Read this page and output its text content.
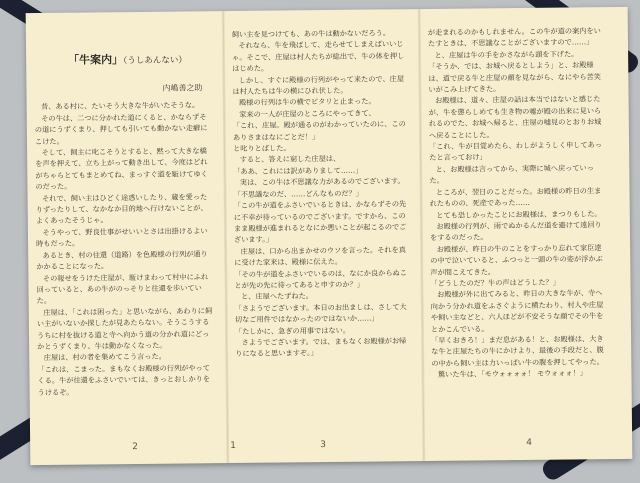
「牛案内」（うしあんない）
内嶋善之助

昔、ある村に、たいそう大きな牛がいたそうな。

その牛は、二つに分かれた道にくると、かならずその道にうずくまり、押しても引いても動かない走癖にこけた。

そして、飼主に叱こそうとすると、黙って大きな橋を声を押えて、立ち上がって動き出して、今度はどれがちゃらとてもまとめてね、まっすぐ道を駈けてゆくのだった。

それで、飼い主はひどく途惑いしたり、蔵を愛ったりずったりして、なかなか目的地へ行けないことが、よくあったそうじゃ。

そうやって、野良仕事がせいいとさは出掛けるよい時もだった。

あるとき、村の往還（道路）を色殿様の行列が通りかかることになった。

その報せをうけた庄屋が、駈けまわって村中にふれ回っていると、あの牛がのっそりと往還を歩いていた。

庄屋は、「これは困った」と思いながら、あわりに飼い主がいないか探したが見あたらない。そうこうするうちに村を抜ける道と寺へ向かう道の分かれ道にどっかとうずくまり、牛は動かなくなった。

庄屋は、村の者を集めてこう言った。

「これは、こまった。まもなくお殿様の行列がやってくる。牛が往還をふさいでいては、きっとおしかりをうけるぞ。

飼い主を見つけても、あの牛は動かないだろう。

それなら、牛を飛ばして、走らせてしまえばいいじゃ。そこで、庄屋は村人たちが総出で、牛の体を押しはじめた。

しかし、すぐに殿様の行列がやって来たので、庄屋は村人たちは牛の横にひれ伏した。

殿様の行列は牛の横でピタリと止まった。

家来の一人が庄屋のところにやってきて、

「これ、庄屋。殿が通るのがわかっていたのに、このありさまはなにごとだ！」

と叱りとばした。

すると、答えに窮した庄屋は、

「ああ、これには訳がありまして……」

実は、この牛は不思議な力があるのでございます。

「不思議なのだ、……どんなものだ？」

「この牛が道をふさいでいるときは、かならずその先に不幸が待っているのでございます。ですから、このまま殿様が進まれるとなにか悪いことが起こるのでございます。」

庄屋は、口から出まかせのウソを言った。それを真に受けた家来は、殿様に伝えた。

「その牛が道をふさいでいるのは、なにか良からぬことが先の先に待ってあると申すのか？」

と、庄屋へたずねた。

「さようでございます。本日のお出ましは、さして大切なご用件ではなかったのではないか……」

「たしかに、急ぎの用事ではない。

さようでございます。では、まもなくお殿様がお帰りになると思いますぞ。」

が走まれるのかもしれません。この牛が道の案内をいたすときは、不思議なことがございますので……」

と、庄屋は牛の手をかさながら頭を下げた。

「そうか、では、お城へ戻るとしよう」と、お殿様は、道で戻る牛と庄屋の顔を見ながら、なにやら苦笑いがこみ上げてきた。

お殿様は、道々、庄屋の話は本当ではないと感じたが、牛を懲らしめても生き物の嘘が殿の出来に見いられるのでた、お城へ帰ると、庄屋の嘘見のとおりお城へ戻ることにした。

「これ、牛が目覚めたら、わしがようしく申してあったと言っておけ」

と、お殿様は言ってから、実際に城へ戻っていった。

ところが、翌日のことだった。お殿様の昨日の生まれたものの、死産であった……

とても恐しかったことにお殿様は、まつりもした。

お殿様の行列が、雨でぬかるんだ道を避けて遠回りをするのだった。

お殿様が、昨日の牛のことをすっかり忘れて家臣達の中で泣いていると、ふつっと一頭の牛の姿が浮かぶ声が間こえてきた。

「どうしたのだ？牛の声はどうした？」

お殿様が外に出てみると、昨日の大きな牛が、寺へ向かう分かれ道をふさぐように横たわり、村人や庄屋や飼い主などと、六人ほどが不安そうな顔でその牛をとかこんでいる。

「早くおきろ！」まだ息がある！と、お殿様は、大きな牛と庄屋たちの牛にかけより、最後の手段だと、腹の中から飼い主は力いっぱい牛の腹を押してやった。

驚いた牛は、「モウォォォォ！ モウォォォ！」

2	1	3	4
